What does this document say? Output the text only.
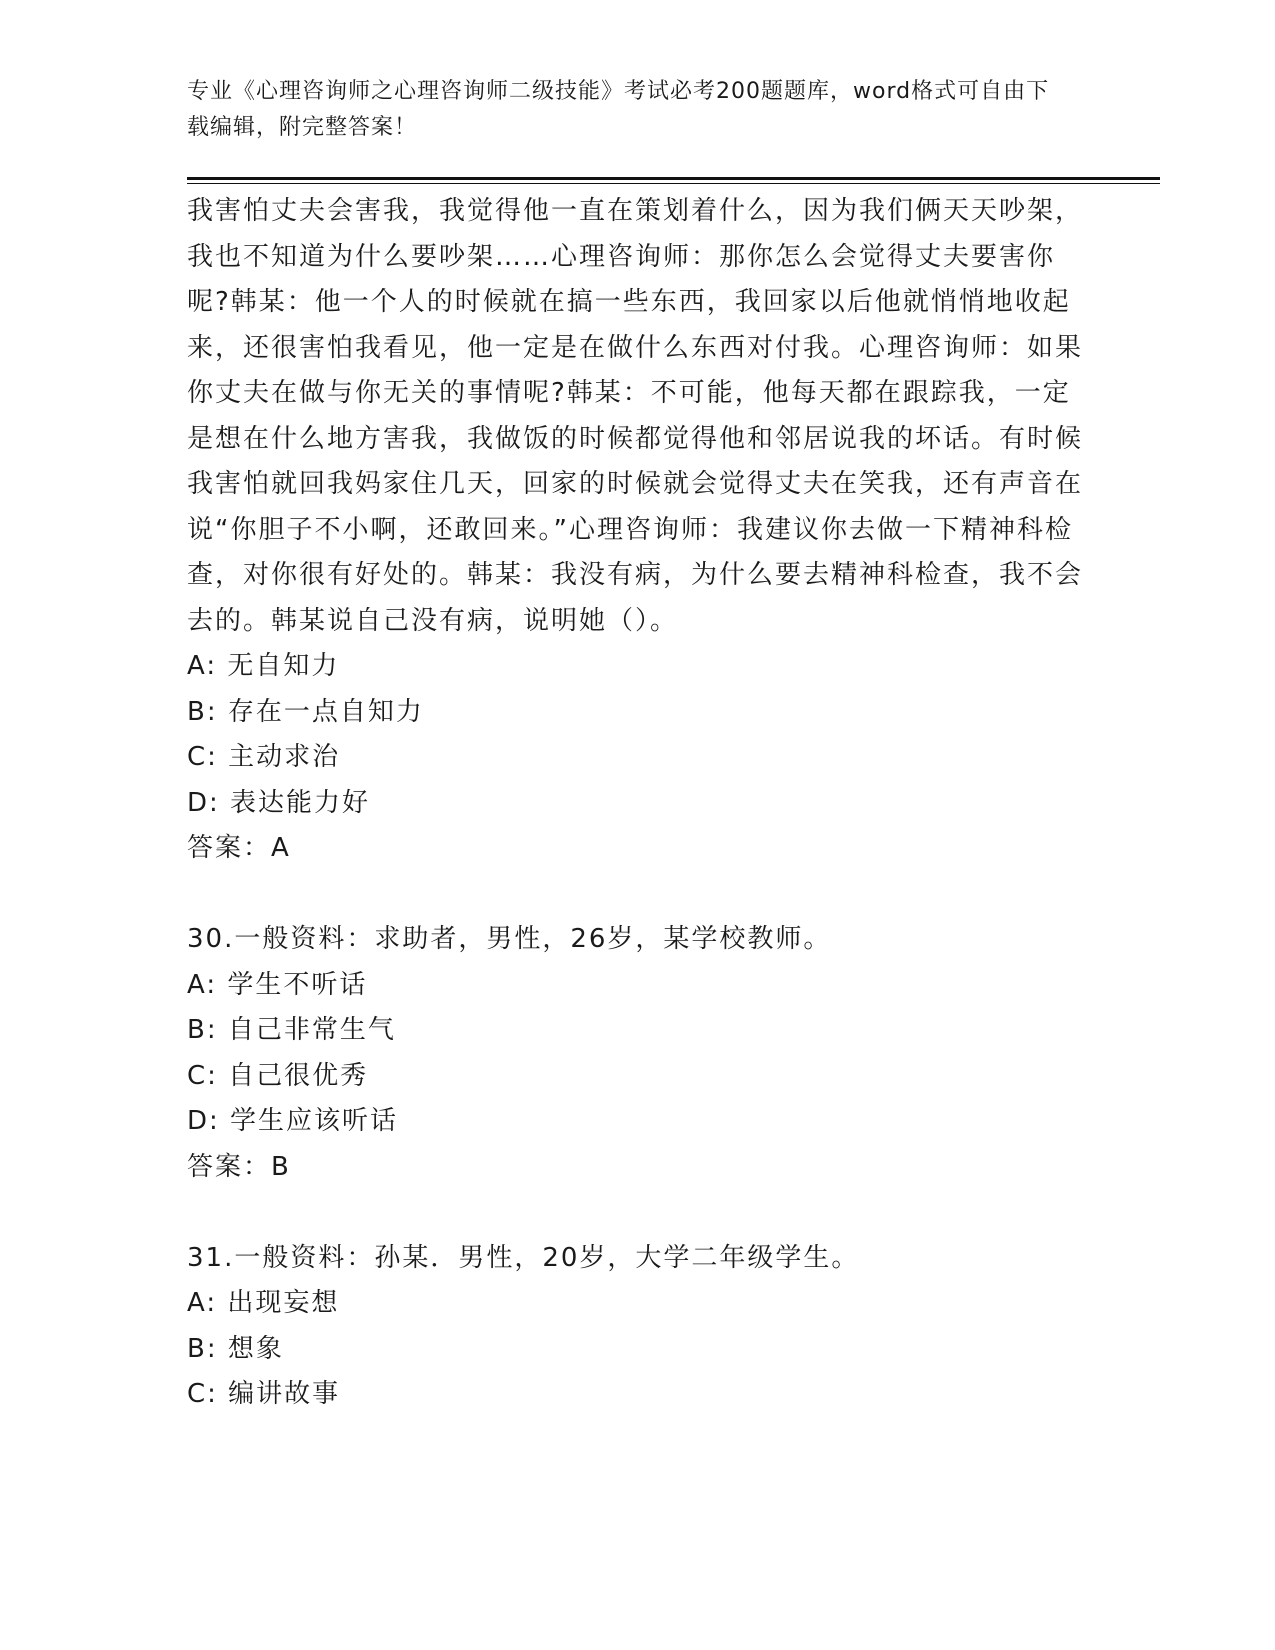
专业《心理咨询师之心理咨询师二级技能》考试必考200题题库，word格式可自由下载编辑，附完整答案！

我害怕丈夫会害我，我觉得他一直在策划着什么，因为我们俩天天吵架，我也不知道为什么要吵架……心理咨询师：那你怎么会觉得丈夫要害你呢?韩某：他一个人的时候就在搞一些东西，我回家以后他就悄悄地收起来，还很害怕我看见，他一定是在做什么东西对付我。心理咨询师：如果你丈夫在做与你无关的事情呢?韩某：不可能，他每天都在跟踪我，一定是想在什么地方害我，我做饭的时候都觉得他和邻居说我的坏话。有时候我害怕就回我妈家住几天，回家的时候就会觉得丈夫在笑我，还有声音在说“你胆子不小啊，还敢回来。”心理咨询师：我建议你去做一下精神科检查，对你很有好处的。韩某：我没有病，为什么要去精神科检查，我不会去的。韩某说自己没有病，说明她（）。

A: 无自知力
B: 存在一点自知力
C: 主动求治
D: 表达能力好
答案：A
30.一般资料：求助者，男性，26岁，某学校教师。
A: 学生不听话
B: 自己非常生气
C: 自己很优秀
D: 学生应该听话
答案：B
31.一般资料：孙某．男性，20岁，大学二年级学生。
A: 出现妄想
B: 想象
C: 编讲故事
